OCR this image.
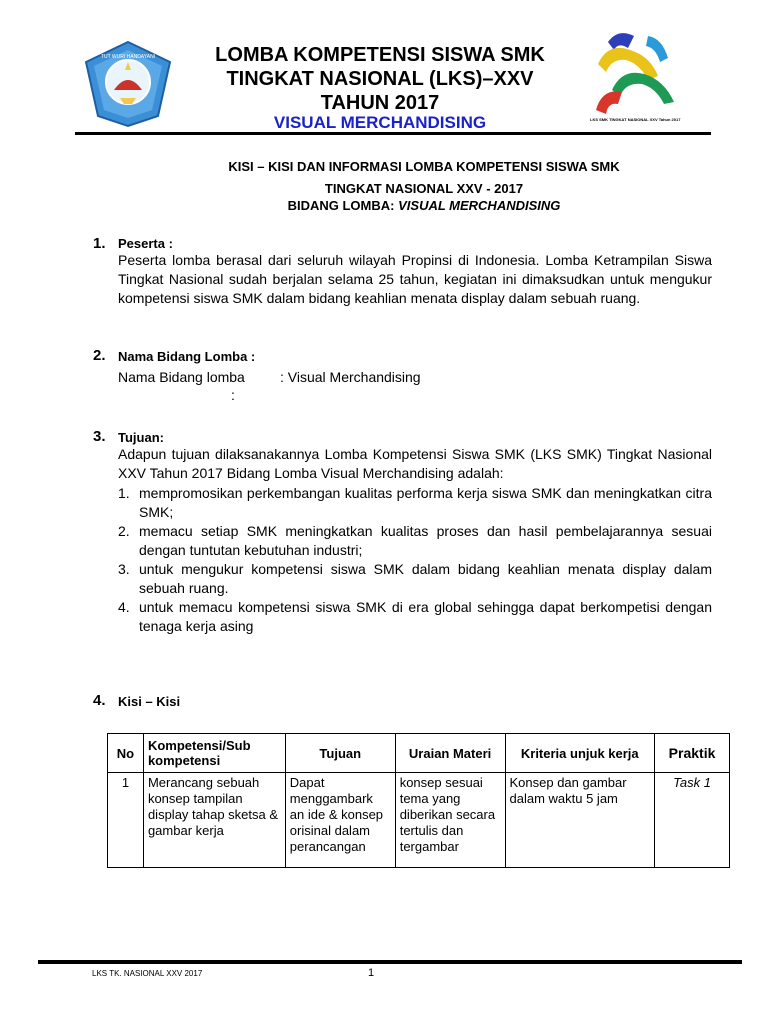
TUT WURI HANDAYANI
LKS SMK TINGKAT NASIONAL XXV Tahun 2017
LOMBA KOMPETENSI SISWA SMK
TINGKAT NASIONAL (LKS)–XXV
TAHUN 2017
VISUAL MERCHANDISING
KISI – KISI DAN INFORMASI LOMBA KOMPETENSI SISWA SMK
TINGKAT NASIONAL XXV - 2017
BIDANG LOMBA: VISUAL MERCHANDISING
1. Peserta :
Peserta lomba berasal dari seluruh wilayah Propinsi di Indonesia. Lomba Ketrampilan Siswa Tingkat Nasional sudah berjalan selama 25 tahun, kegiatan ini dimaksudkan untuk mengukur kompetensi siswa SMK dalam bidang keahlian menata display dalam sebuah ruang.
2. Nama Bidang Lomba :
Nama Bidang lomba	: Visual Merchandising
:
3. Tujuan:
Adapun tujuan dilaksanakannya Lomba Kompetensi Siswa SMK (LKS SMK) Tingkat Nasional XXV Tahun 2017 Bidang Lomba Visual Merchandising adalah:
1. mempromosikan perkembangan kualitas performa kerja siswa SMK dan meningkatkan citra SMK;
2. memacu setiap SMK meningkatkan kualitas proses dan hasil pembelajarannya sesuai dengan tuntutan kebutuhan industri;
3. untuk mengukur kompetensi siswa SMK dalam bidang keahlian menata display dalam sebuah ruang.
4. untuk memacu kompetensi siswa SMK di era global sehingga dapat berkompetisi dengan tenaga kerja asing
4. Kisi – Kisi
No	Kompetensi/Sub kompetensi	Tujuan	Uraian Materi	Kriteria unjuk kerja	Praktik
1	Merancang sebuah konsep tampilan display tahap sketsa & gambar kerja	Dapat menggambark an ide & konsep orisinal dalam perancangan	konsep sesuai tema yang diberikan secara tertulis dan tergambar	Konsep dan gambar dalam waktu 5 jam	Task 1
LKS TK. NASIONAL XXV 2017	1
